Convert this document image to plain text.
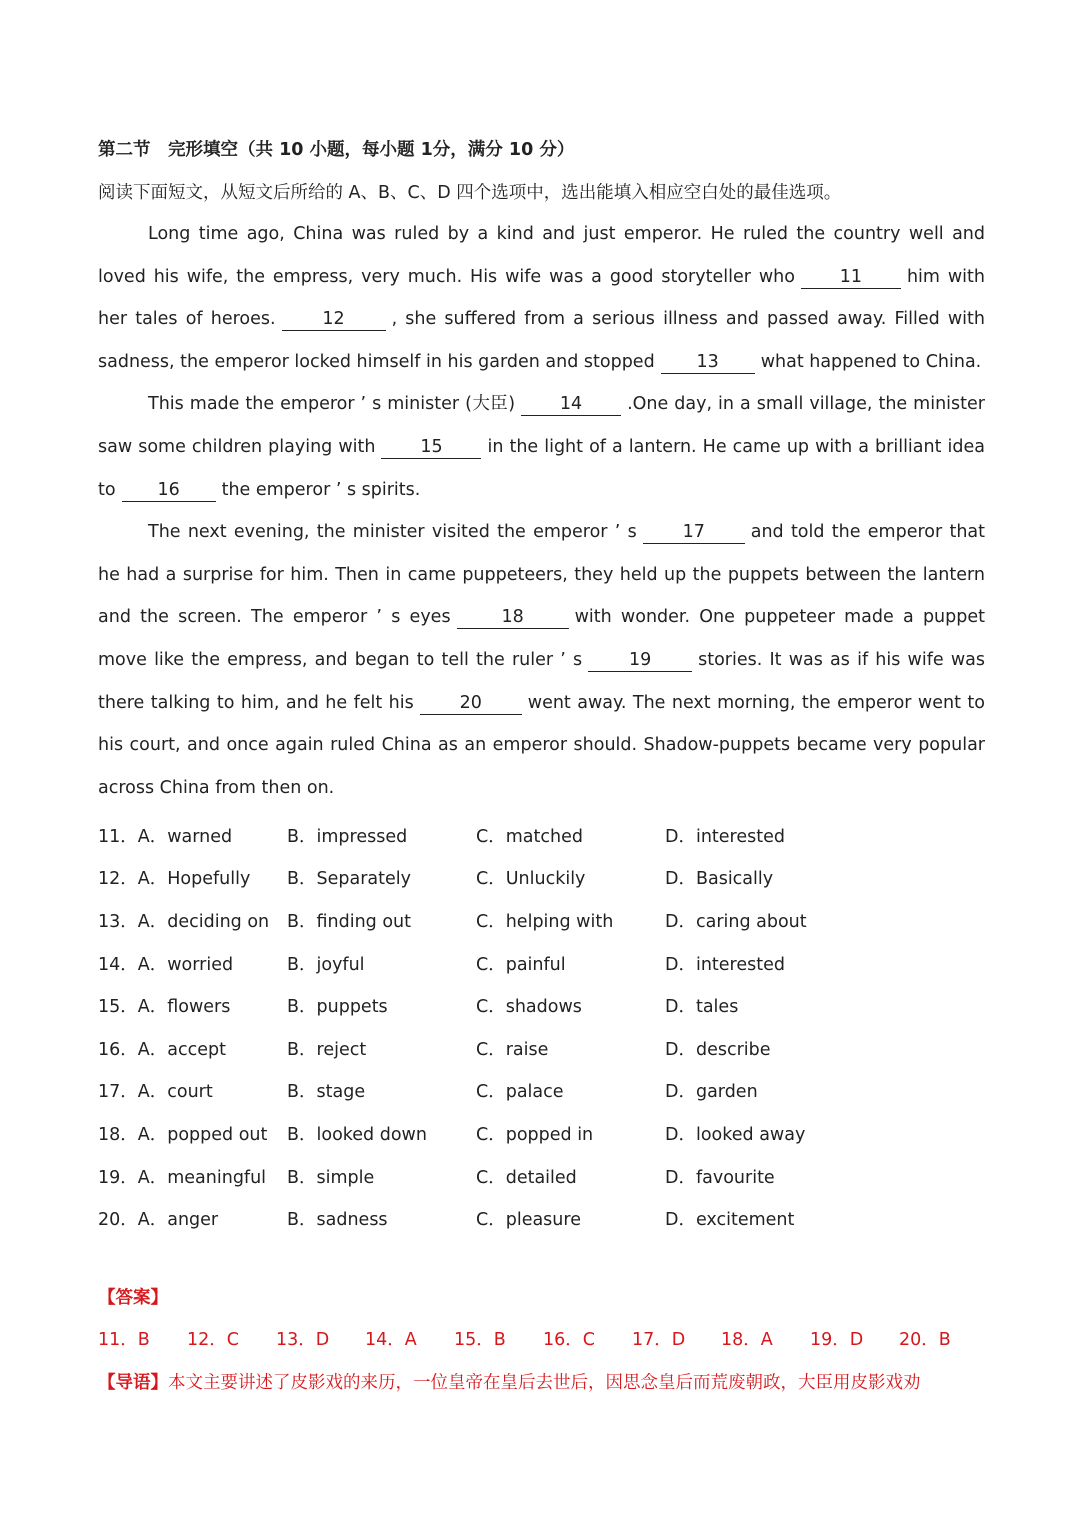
第二节　完形填空（共 10 小题，每小题 1分，满分 10 分）
阅读下面短文，从短文后所给的 A、B、C、D 四个选项中，选出能填入相应空白处的最佳选项。

Long time ago, China was ruled by a kind and just emperor. He ruled the country well and loved his wife, the empress, very much. His wife was a good storyteller who	11	him with her tales of heroes.	12	, she suffered from a serious illness and passed away. Filled with sadness, the emperor locked himself in his garden and stopped 13 what happened to China.

This made the emperor ’ s minister (大臣)	14	.One day, in a small village, the minister saw some children playing with	15	in the light of a lantern. He came up with a brilliant idea to 16 the emperor ’ s spirits.

The next evening, the minister visited the emperor ’ s	17	and told the emperor that he had a surprise for him. Then in came puppeteers, they held up the puppets between the lantern and the screen. The emperor ’ s eyes	18	with wonder. One puppeteer made a puppet move like the empress, and began to tell the ruler ’ s	19	stories. It was as if his wife was there talking to him, and he felt his	20	went away. The next morning, the emperor went to his court, and once again ruled China as an emperor should. Shadow-puppets became very popular across China from then on.

11．A．warned	B．impressed	C．matched	D．interested
12．A．Hopefully	B．Separately	C．Unluckily	D．Basically
13．A．deciding on	B．finding out	C．helping with	D．caring about
14．A．worried	B．joyful	C．painful	D．interested
15．A．flowers	B．puppets	C．shadows	D．tales
16．A．accept	B．reject	C．raise	D．describe
17．A．court	B．stage	C．palace	D．garden
18．A．popped out	B．looked down	C．popped in	D．looked away
19．A．meaningful	B．simple	C．detailed	D．favourite
20．A．anger	B．sadness	C．pleasure	D．excitement
【答案】
11．B	12．C	13．D	14．A	15．B	16．C	17．D	18．A	19．D	20．B
【导语】本文主要讲述了皮影戏的来历，一位皇帝在皇后去世后，因思念皇后而荒废朝政，大臣用皮影戏劝
